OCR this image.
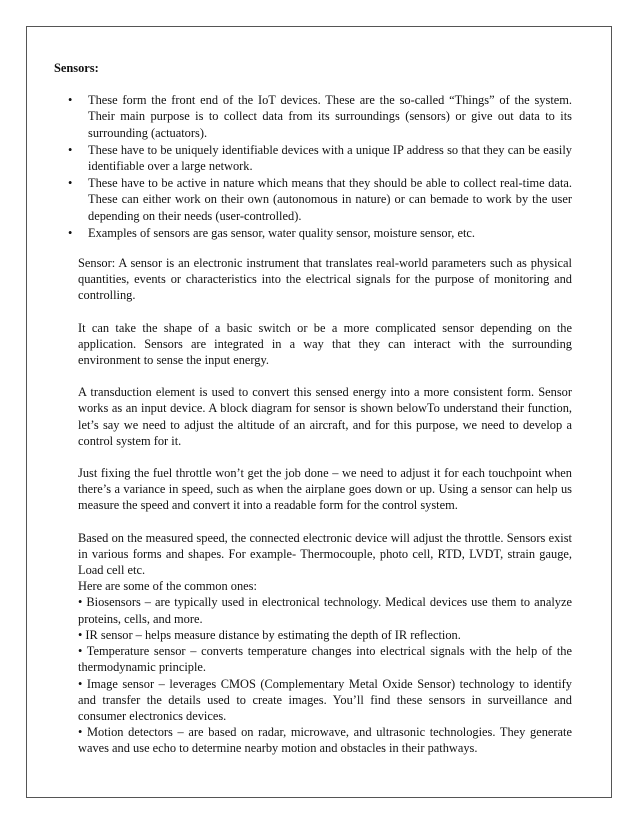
Sensors:

• These form the front end of the IoT devices. These are the so-called “Things” of the system. Their main purpose is to collect data from its surroundings (sensors) or give out data to its surrounding (actuators).
• These have to be uniquely identifiable devices with a unique IP address so that they can be easily identifiable over a large network.
• These have to be active in nature which means that they should be able to collect real-time data. These can either work on their own (autonomous in nature) or can bemade to work by the user depending on their needs (user-controlled).
• Examples of sensors are gas sensor, water quality sensor, moisture sensor, etc.

Sensor: A sensor is an electronic instrument that translates real-world parameters such as physical quantities, events or characteristics into the electrical signals for the purpose of monitoring and controlling.

It can take the shape of a basic switch or be a more complicated sensor depending on the application. Sensors are integrated in a way that they can interact with the surrounding environment to sense the input energy.

A transduction element is used to convert this sensed energy into a more consistent form. Sensor works as an input device. A block diagram for sensor is shown belowTo understand their function, let’s say we need to adjust the altitude of an aircraft, and for this purpose, we need to develop a control system for it.

Just fixing the fuel throttle won’t get the job done – we need to adjust it for each touchpoint when there’s a variance in speed, such as when the airplane goes down or up. Using a sensor can help us measure the speed and convert it into a readable form for the control system.

Based on the measured speed, the connected electronic device will adjust the throttle. Sensors exist in various forms and shapes. For example- Thermocouple, photo cell, RTD, LVDT, strain gauge, Load cell etc.

Here are some of the common ones:

• Biosensors – are typically used in electronical technology. Medical devices use them to analyze proteins, cells, and more.

• IR sensor – helps measure distance by estimating the depth of IR reflection.

• Temperature sensor – converts temperature changes into electrical signals with the help of the thermodynamic principle.

• Image sensor – leverages CMOS (Complementary Metal Oxide Sensor) technology to identify and transfer the details used to create images. You’ll find these sensors in surveillance and consumer electronics devices.

• Motion detectors – are based on radar, microwave, and ultrasonic technologies. They generate waves and use echo to determine nearby motion and obstacles in their pathways.
